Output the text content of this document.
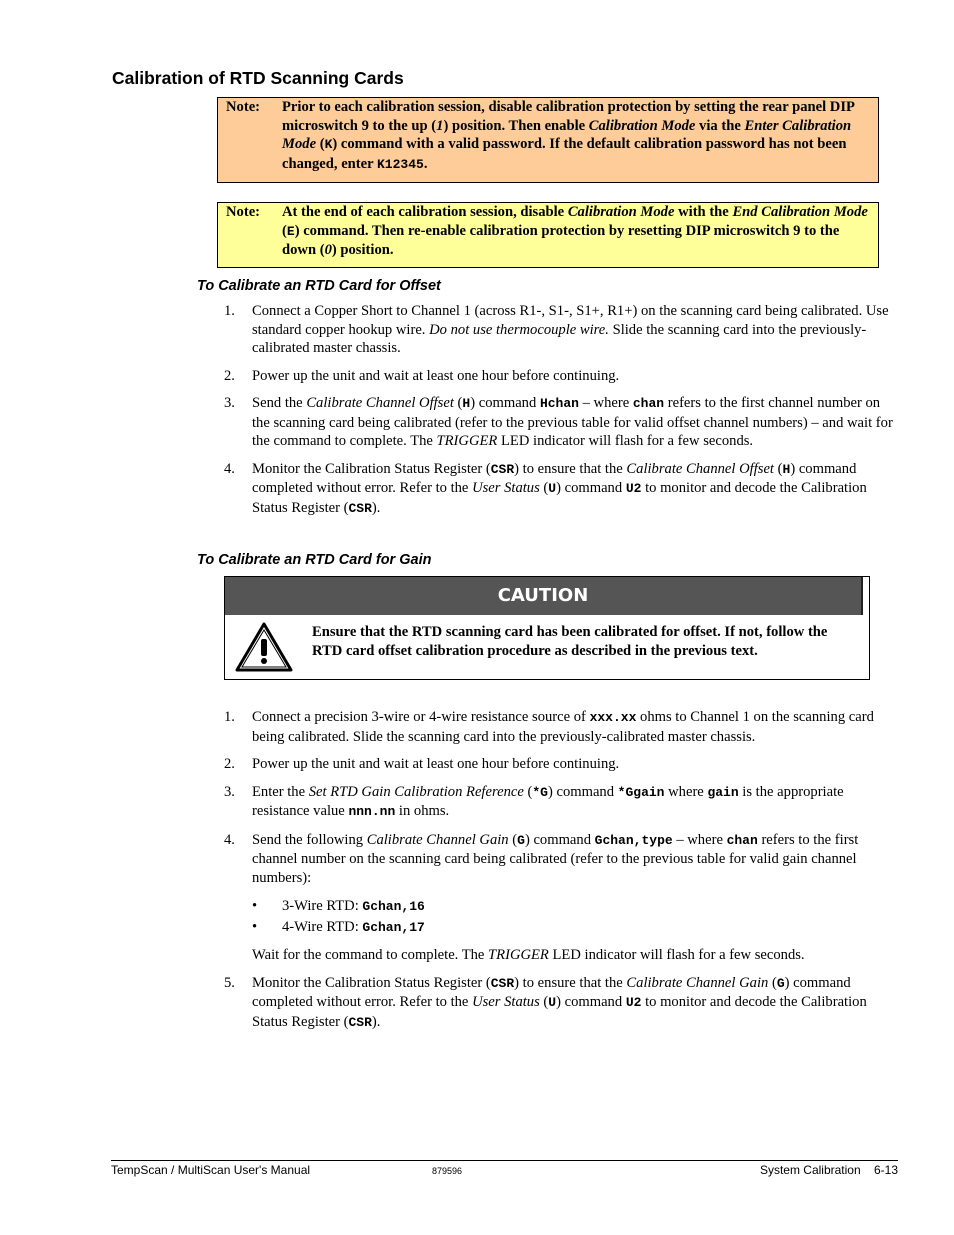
Calibration of RTD Scanning Cards
Note: Prior to each calibration session, disable calibration protection by setting the rear panel DIP microswitch 9 to the up (1) position. Then enable Calibration Mode via the Enter Calibration Mode (K) command with a valid password. If the default calibration password has not been changed, enter K12345.
Note: At the end of each calibration session, disable Calibration Mode with the End Calibration Mode (E) command. Then re-enable calibration protection by resetting DIP microswitch 9 to the down (0) position.
To Calibrate an RTD Card for Offset
1. Connect a Copper Short to Channel 1 (across R1-, S1-, S1+, R1+) on the scanning card being calibrated. Use standard copper hookup wire. Do not use thermocouple wire. Slide the scanning card into the previously-calibrated master chassis.
2. Power up the unit and wait at least one hour before continuing.
3. Send the Calibrate Channel Offset (H) command Hchan – where chan refers to the first channel number on the scanning card being calibrated (refer to the previous table for valid offset channel numbers) – and wait for the command to complete. The TRIGGER LED indicator will flash for a few seconds.
4. Monitor the Calibration Status Register (CSR) to ensure that the Calibrate Channel Offset (H) command completed without error. Refer to the User Status (U) command U2 to monitor and decode the Calibration Status Register (CSR).
To Calibrate an RTD Card for Gain
CAUTION
Ensure that the RTD scanning card has been calibrated for offset. If not, follow the RTD card offset calibration procedure as described in the previous text.
1. Connect a precision 3-wire or 4-wire resistance source of xxx.xx ohms to Channel 1 on the scanning card being calibrated. Slide the scanning card into the previously-calibrated master chassis.
2. Power up the unit and wait at least one hour before continuing.
3. Enter the Set RTD Gain Calibration Reference (*G) command *Ggain where gain is the appropriate resistance value nnn.nn in ohms.
4. Send the following Calibrate Channel Gain (G) command Gchan,type – where chan refers to the first channel number on the scanning card being calibrated (refer to the previous table for valid gain channel numbers):
• 3-Wire RTD: Gchan,16
• 4-Wire RTD: Gchan,17
Wait for the command to complete. The TRIGGER LED indicator will flash for a few seconds.
5. Monitor the Calibration Status Register (CSR) to ensure that the Calibrate Channel Gain (G) command completed without error. Refer to the User Status (U) command U2 to monitor and decode the Calibration Status Register (CSR).
TempScan / MultiScan User's Manual	879596	System Calibration    6-13
